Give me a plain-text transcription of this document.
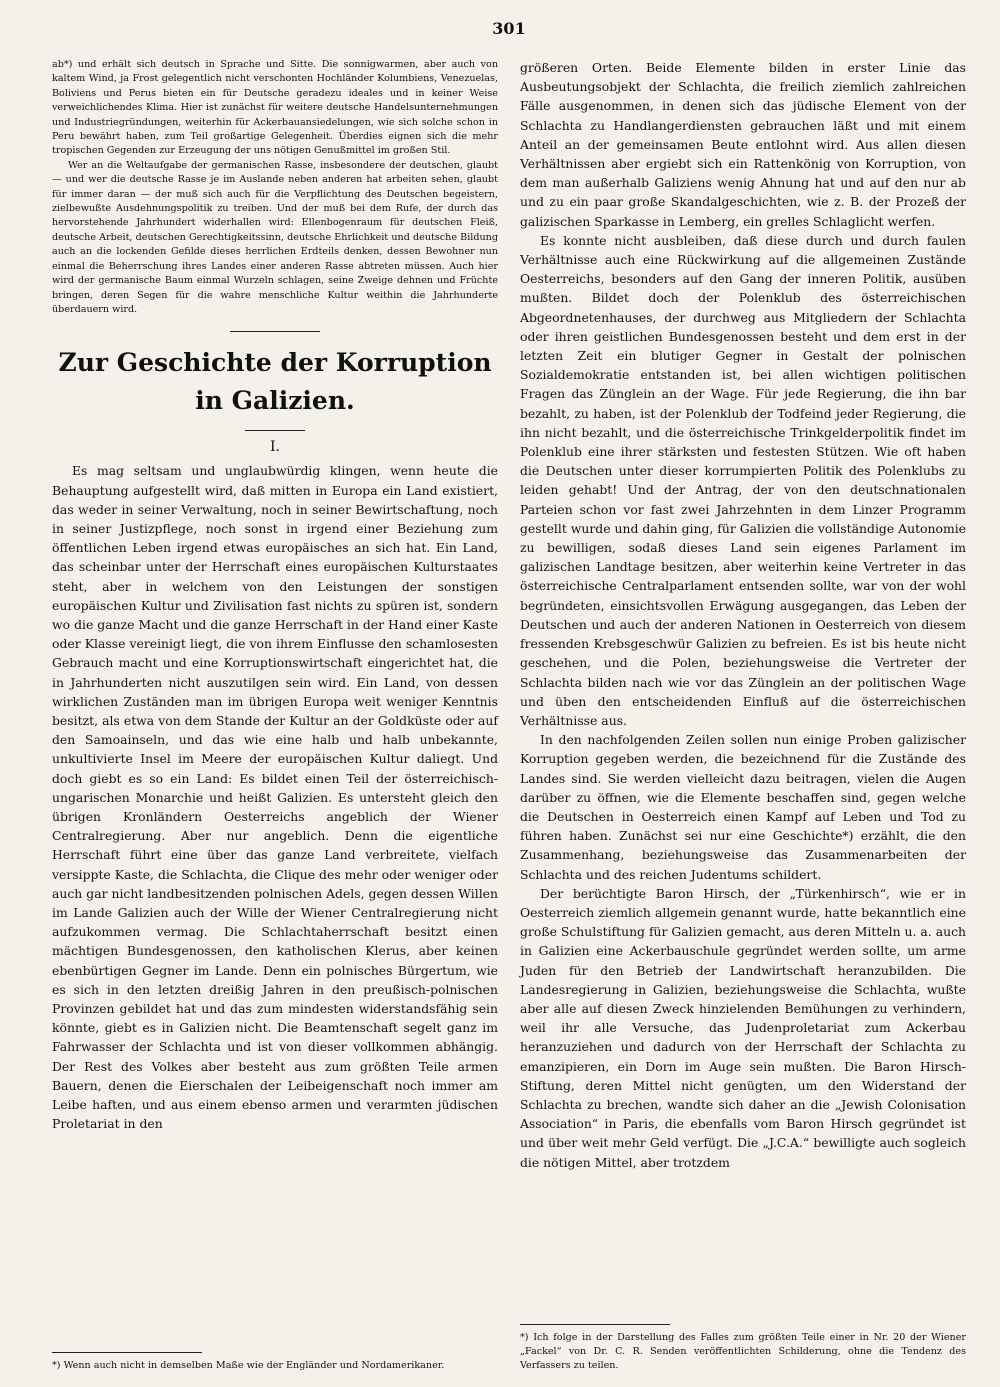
301

ab*) und erhält sich deutsch in Sprache und Sitte. Die sonnigwarmen, aber auch von kaltem Wind, ja Frost gelegentlich nicht verschonten Hochländer Kolumbiens, Venezuelas, Boliviens und Perus bieten ein für Deutsche geradezu ideales und in keiner Weise verweichlichendes Klima. Hier ist zunächst für weitere deutsche Handelsunternehmungen und Industriegründungen, weiterhin für Ackerbauansiedelungen, wie sich solche schon in Peru bewährt haben, zum Teil großartige Gelegenheit. Überdies eignen sich die mehr tropischen Gegenden zur Erzeugung der uns nötigen Genußmittel im großen Stil.

Wer an die Weltaufgabe der germanischen Rasse, insbesondere der deutschen, glaubt — und wer die deutsche Rasse je im Auslande neben anderen hat arbeiten sehen, glaubt für immer daran — der muß sich auch für die Verpflichtung des Deutschen begeistern, zielbewußte Ausdehnungspolitik zu treiben. Und der muß bei dem Rufe, der durch das hervorstehende Jahrhundert widerhallen wird: Ellenbogenraum für deutschen Fleiß, deutsche Arbeit, deutschen Gerechtigkeitssinn, deutsche Ehrlichkeit und deutsche Bildung auch an die lockenden Gefilde dieses herrlichen Erdteils denken, dessen Bewohner nun einmal die Beherrschung ihres Landes einer anderen Rasse abtreten müssen. Auch hier wird der germanische Baum einmal Wurzeln schlagen, seine Zweige dehnen und Früchte bringen, deren Segen für die wahre menschliche Kultur weithin die Jahrhunderte überdauern wird.

Zur Geschichte der Korruption
in Galizien.
I.

Es mag seltsam und unglaubwürdig klingen, wenn heute die Behauptung aufgestellt wird, daß mitten in Europa ein Land existiert, das weder in seiner Verwaltung, noch in seiner Bewirtschaftung, noch in seiner Justizpflege, noch sonst in irgend einer Beziehung zum öffentlichen Leben irgend etwas europäisches an sich hat. Ein Land, das scheinbar unter der Herrschaft eines europäischen Kulturstaates steht, aber in welchem von den Leistungen der sonstigen europäischen Kultur und Zivilisation fast nichts zu spüren ist, sondern wo die ganze Macht und die ganze Herrschaft in der Hand einer Kaste oder Klasse vereinigt liegt, die von ihrem Einflusse den schamlosesten Gebrauch macht und eine Korruptionswirtschaft eingerichtet hat, die in Jahrhunderten nicht auszutilgen sein wird. Ein Land, von dessen wirklichen Zuständen man im übrigen Europa weit weniger Kenntnis besitzt, als etwa von dem Stande der Kultur an der Goldküste oder auf den Samoainseln, und das wie eine halb und halb unbekannte, unkultivierte Insel im Meere der europäischen Kultur daliegt. Und doch giebt es so ein Land: Es bildet einen Teil der österreichisch-ungarischen Monarchie und heißt Galizien. Es untersteht gleich den übrigen Kronländern Oesterreichs angeblich der Wiener Centralregierung. Aber nur angeblich. Denn die eigentliche Herrschaft führt eine über das ganze Land verbreitete, vielfach versippte Kaste, die Schlachta, die Clique des mehr oder weniger oder auch gar nicht landbesitzenden polnischen Adels, gegen dessen Willen im Lande Galizien auch der Wille der Wiener Centralregierung nicht aufzukommen vermag. Die Schlachtaherrschaft besitzt einen mächtigen Bundesgenossen, den katholischen Klerus, aber keinen ebenbürtigen Gegner im Lande. Denn ein polnisches Bürgertum, wie es sich in den letzten dreißig Jahren in den preußisch-polnischen Provinzen gebildet hat und das zum mindesten widerstandsfähig sein könnte, giebt es in Galizien nicht. Die Beamtenschaft segelt ganz im Fahrwasser der Schlachta und ist von dieser vollkommen abhängig. Der Rest des Volkes aber besteht aus zum größten Teile armen Bauern, denen die Eierschalen der Leibeigenschaft noch immer am Leibe haften, und aus einem ebenso armen und verarmten jüdischen Proletariat in den

*) Wenn auch nicht in demselben Maße wie der Engländer und Nordamerikaner.

größeren Orten. Beide Elemente bilden in erster Linie das Ausbeutungsobjekt der Schlachta, die freilich ziemlich zahlreichen Fälle ausgenommen, in denen sich das jüdische Element von der Schlachta zu Handlangerdiensten gebrauchen läßt und mit einem Anteil an der gemeinsamen Beute entlohnt wird. Aus allen diesen Verhältnissen aber ergiebt sich ein Rattenkönig von Korruption, von dem man außerhalb Galiziens wenig Ahnung hat und auf den nur ab und zu ein paar große Skandalgeschichten, wie z. B. der Prozeß der galizischen Sparkasse in Lemberg, ein grelles Schlaglicht werfen.

Es konnte nicht ausbleiben, daß diese durch und durch faulen Verhältnisse auch eine Rückwirkung auf die allgemeinen Zustände Oesterreichs, besonders auf den Gang der inneren Politik, ausüben mußten. Bildet doch der Polenklub des österreichischen Abgeordnetenhauses, der durchweg aus Mitgliedern der Schlachta oder ihren geistlichen Bundesgenossen besteht und dem erst in der letzten Zeit ein blutiger Gegner in Gestalt der polnischen Sozialdemokratie entstanden ist, bei allen wichtigen politischen Fragen das Zünglein an der Wage. Für jede Regierung, die ihn bar bezahlt, zu haben, ist der Polenklub der Todfeind jeder Regierung, die ihn nicht bezahlt, und die österreichische Trinkgelderpolitik findet im Polenklub eine ihrer stärksten und festesten Stützen. Wie oft haben die Deutschen unter dieser korrumpierten Politik des Polenklubs zu leiden gehabt! Und der Antrag, der von den deutschnationalen Parteien schon vor fast zwei Jahrzehnten in dem Linzer Programm gestellt wurde und dahin ging, für Galizien die vollständige Autonomie zu bewilligen, sodaß dieses Land sein eigenes Parlament im galizischen Landtage besitzen, aber weiterhin keine Vertreter in das österreichische Centralparlament entsenden sollte, war von der wohl begründeten, einsichtsvollen Erwägung ausgegangen, das Leben der Deutschen und auch der anderen Nationen in Oesterreich von diesem fressenden Krebsgeschwür Galizien zu befreien. Es ist bis heute nicht geschehen, und die Polen, beziehungsweise die Vertreter der Schlachta bilden nach wie vor das Zünglein an der politischen Wage und üben den entscheidenden Einfluß auf die österreichischen Verhältnisse aus.

In den nachfolgenden Zeilen sollen nun einige Proben galizischer Korruption gegeben werden, die bezeichnend für die Zustände des Landes sind. Sie werden vielleicht dazu beitragen, vielen die Augen darüber zu öffnen, wie die Elemente beschaffen sind, gegen welche die Deutschen in Oesterreich einen Kampf auf Leben und Tod zu führen haben. Zunächst sei nur eine Geschichte*) erzählt, die den Zusammenhang, beziehungsweise das Zusammenarbeiten der Schlachta und des reichen Judentums schildert.

Der berüchtigte Baron Hirsch, der „Türkenhirsch“, wie er in Oesterreich ziemlich allgemein genannt wurde, hatte bekanntlich eine große Schulstiftung für Galizien gemacht, aus deren Mitteln u. a. auch in Galizien eine Ackerbauschule gegründet werden sollte, um arme Juden für den Betrieb der Landwirtschaft heranzubilden. Die Landesregierung in Galizien, beziehungsweise die Schlachta, wußte aber alle auf diesen Zweck hinzielenden Bemühungen zu verhindern, weil ihr alle Versuche, das Judenproletariat zum Ackerbau heranzuziehen und dadurch von der Herrschaft der Schlachta zu emanzipieren, ein Dorn im Auge sein mußten. Die Baron Hirsch-Stiftung, deren Mittel nicht genügten, um den Widerstand der Schlachta zu brechen, wandte sich daher an die „Jewish Colonisation Association“ in Paris, die ebenfalls vom Baron Hirsch gegründet ist und über weit mehr Geld verfügt. Die „J.C.A.“ bewilligte auch sogleich die nötigen Mittel, aber trotzdem

*) Ich folge in der Darstellung des Falles zum größten Teile einer in Nr. 20 der Wiener „Fackel“ von Dr. C. R. Senden veröffentlichten Schilderung, ohne die Tendenz des Verfassers zu teilen.
